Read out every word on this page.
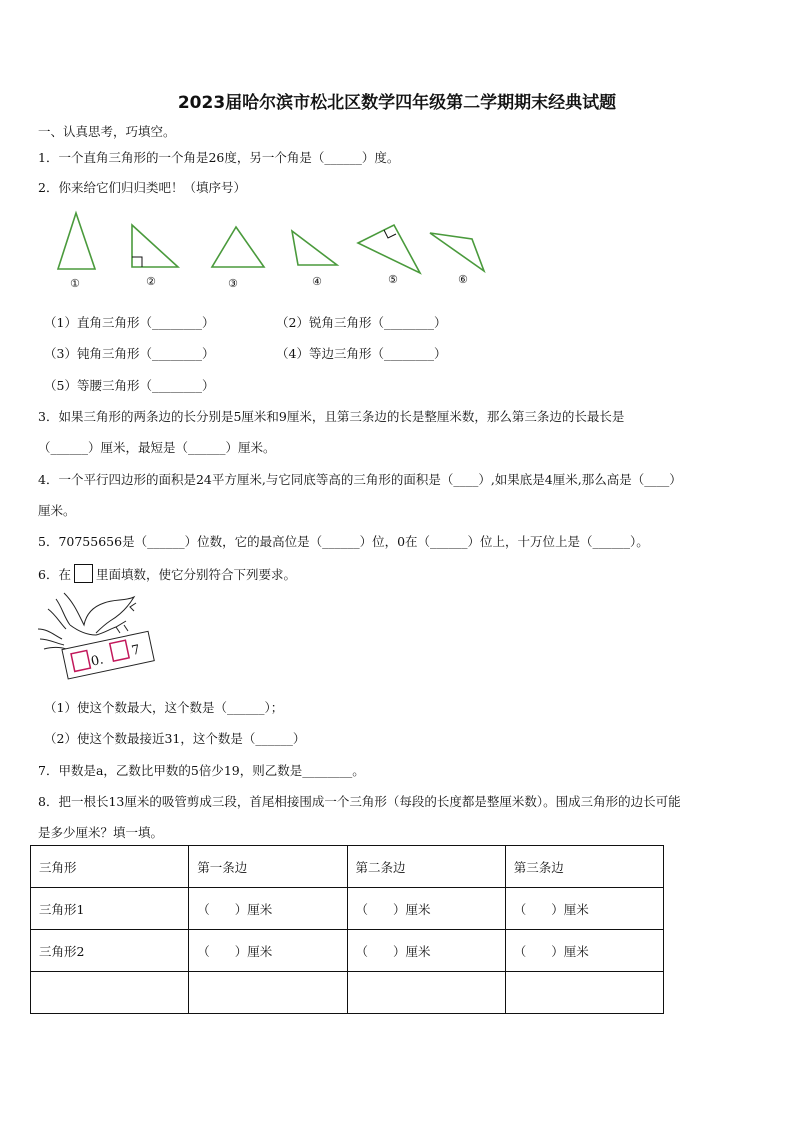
2023届哈尔滨市松北区数学四年级第二学期期末经典试题
一、认真思考，巧填空。
1．一个直角三角形的一个角是26度，另一个角是（______）度。
2．你来给它们归归类吧！（填序号）
①	②	③	④	⑤	⑥
（1）直角三角形（________）	（2）锐角三角形（________）
（3）钝角三角形（________）	（4）等边三角形（________）
（5）等腰三角形（________）
3．如果三角形的两条边的长分别是5厘米和9厘米，且第三条边的长是整厘米数，那么第三条边的长最长是
（______）厘米，最短是（______）厘米。
4．一个平行四边形的面积是24平方厘米,与它同底等高的三角形的面积是（____）,如果底是4厘米,那么高是（____）
厘米。
5．70755656是（______）位数，它的最高位是（______）位，0在（______）位上，十万位上是（______）。
6．在 里面填数，使它分别符合下列要求。
0.
7
（1）使这个数最大，这个数是（______）；
（2）使这个数最接近31，这个数是（______）
7．甲数是a，乙数比甲数的5倍少19，则乙数是________。
8．把一根长13厘米的吸管剪成三段，首尾相接围成一个三角形（每段的长度都是整厘米数）。围成三角形的边长可能
是多少厘米？填一填。
三角形	第一条边	第二条边	第三条边
三角形1	（　　）厘米	（　　）厘米	（　　）厘米
三角形2	（　　）厘米	（　　）厘米	（　　）厘米
